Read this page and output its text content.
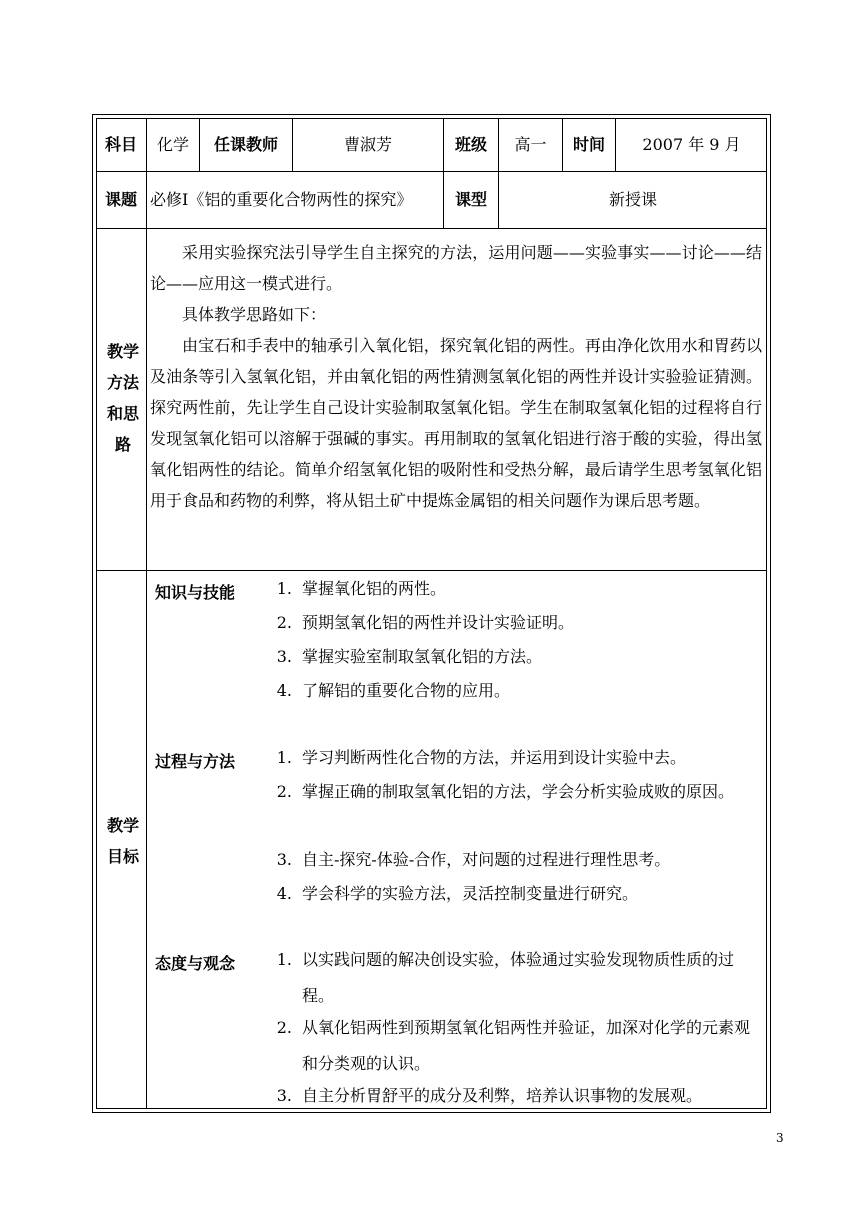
科目	化学	任课教师	曹淑芳	班级	高一	时间	2007 年 9 月
课题 必修Ⅰ《铝的重要化合物两性的探究》	课型	新授课
教学
方法
和思
路

采用实验探究法引导学生自主探究的方法，运用问题——实验事实——讨论——结论——应用这一模式进行。

具体教学思路如下：

由宝石和手表中的轴承引入氧化铝，探究氧化铝的两性。再由净化饮用水和胃药以及油条等引入氢氧化铝，并由氧化铝的两性猜测氢氧化铝的两性并设计实验验证猜测。探究两性前，先让学生自己设计实验制取氢氧化铝。学生在制取氢氧化铝的过程将自行发现氢氧化铝可以溶解于强碱的事实。再用制取的氢氧化铝进行溶于酸的实验，得出氢氧化铝两性的结论。简单介绍氢氧化铝的吸附性和受热分解，最后请学生思考氢氧化铝用于食品和药物的利弊，将从铝土矿中提炼金属铝的相关问题作为课后思考题。

教学
目标
知识与技能	1. 掌握氧化铝的两性。
2. 预期氢氧化铝的两性并设计实验证明。
3. 掌握实验室制取氢氧化铝的方法。
4. 了解铝的重要化合物的应用。
过程与方法	1. 学习判断两性化合物的方法，并运用到设计实验中去。
2. 掌握正确的制取氢氧化铝的方法，学会分析实验成败的原因。
3. 自主-探究-体验-合作，对问题的过程进行理性思考。
4. 学会科学的实验方法，灵活控制变量进行研究。
态度与观念	1. 以实践问题的解决创设实验，体验通过实验发现物质性质的过程。
2. 从氧化铝两性到预期氢氧化铝两性并验证，加深对化学的元素观和分类观的认识。
3. 自主分析胃舒平的成分及利弊，培养认识事物的发展观。
3
